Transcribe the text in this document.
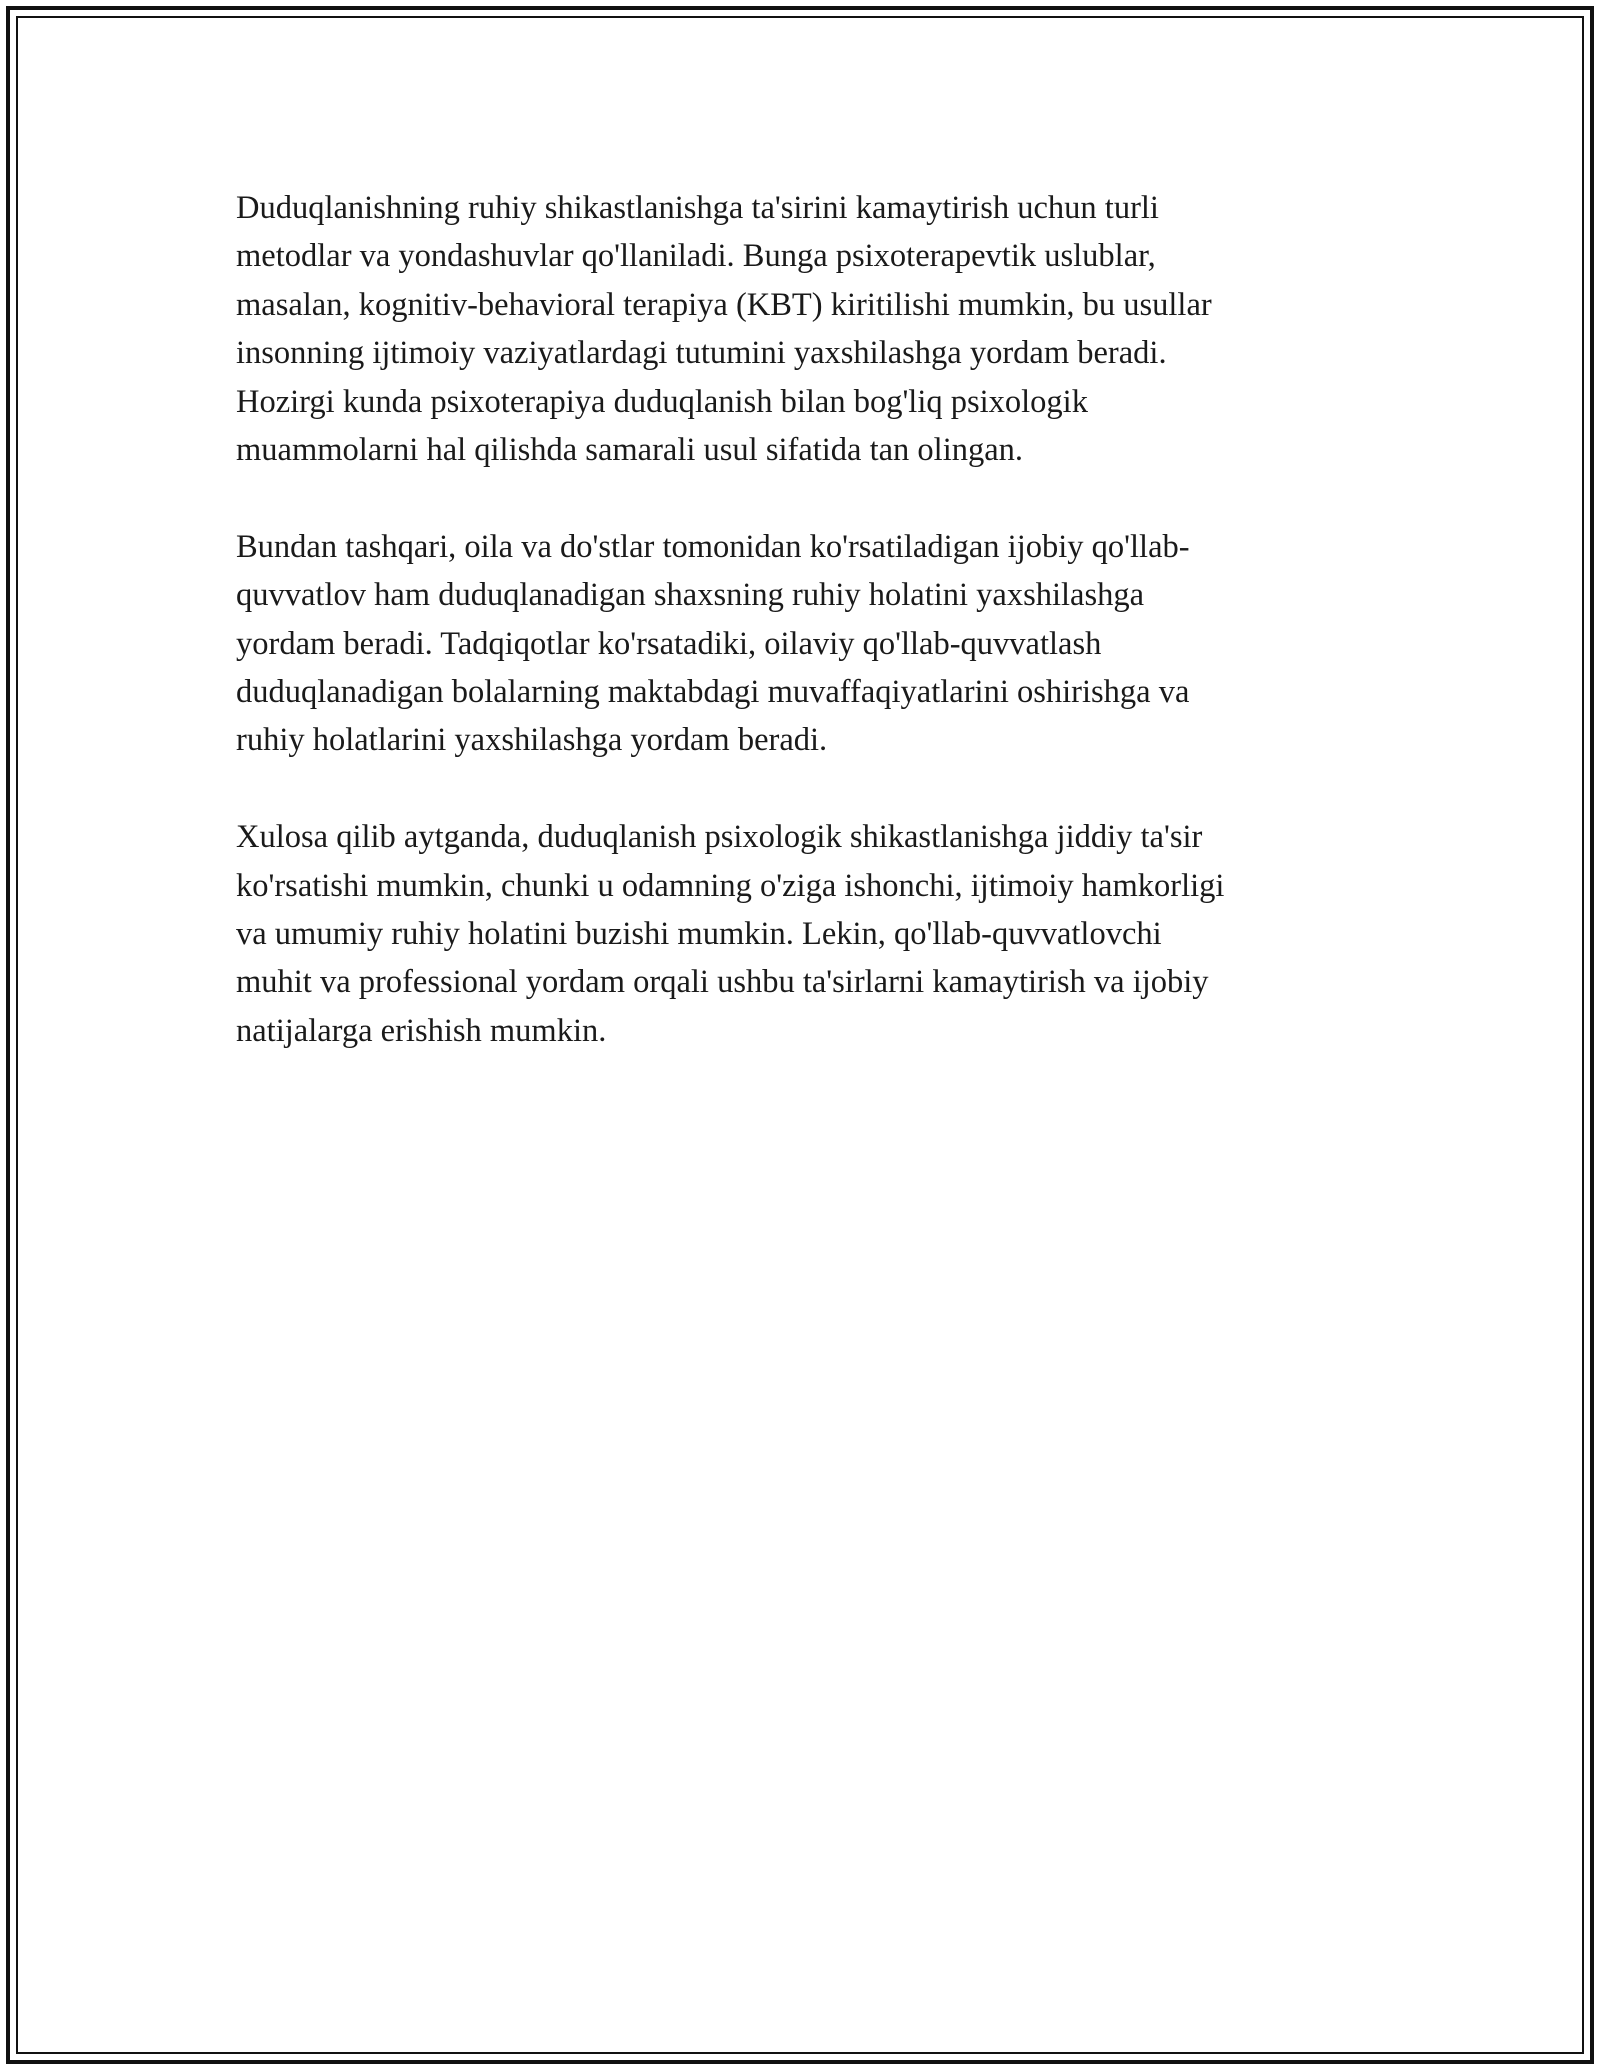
Duduqlanishning ruhiy shikastlanishga ta'sirini kamaytirish uchun turli
metodlar va yondashuvlar qo'llaniladi. Bunga psixoterapevtik uslublar,
masalan, kognitiv-behavioral terapiya (KBT) kiritilishi mumkin, bu usullar
insonning ijtimoiy vaziyatlardagi tutumini yaxshilashga yordam beradi.
Hozirgi kunda psixoterapiya duduqlanish bilan bog'liq psixologik
muammolarni hal qilishda samarali usul sifatida tan olingan.

Bundan tashqari, oila va do'stlar tomonidan ko'rsatiladigan ijobiy qo'llab-
quvvatlov ham duduqlanadigan shaxsning ruhiy holatini yaxshilashga
yordam beradi. Tadqiqotlar ko'rsatadiki, oilaviy qo'llab-quvvatlash
duduqlanadigan bolalarning maktabdagi muvaffaqiyatlarini oshirishga va
ruhiy holatlarini yaxshilashga yordam beradi.

Xulosa qilib aytganda, duduqlanish psixologik shikastlanishga jiddiy ta'sir
ko'rsatishi mumkin, chunki u odamning o'ziga ishonchi, ijtimoiy hamkorligi
va umumiy ruhiy holatini buzishi mumkin. Lekin, qo'llab-quvvatlovchi
muhit va professional yordam orqali ushbu ta'sirlarni kamaytirish va ijobiy
natijalarga erishish mumkin.
